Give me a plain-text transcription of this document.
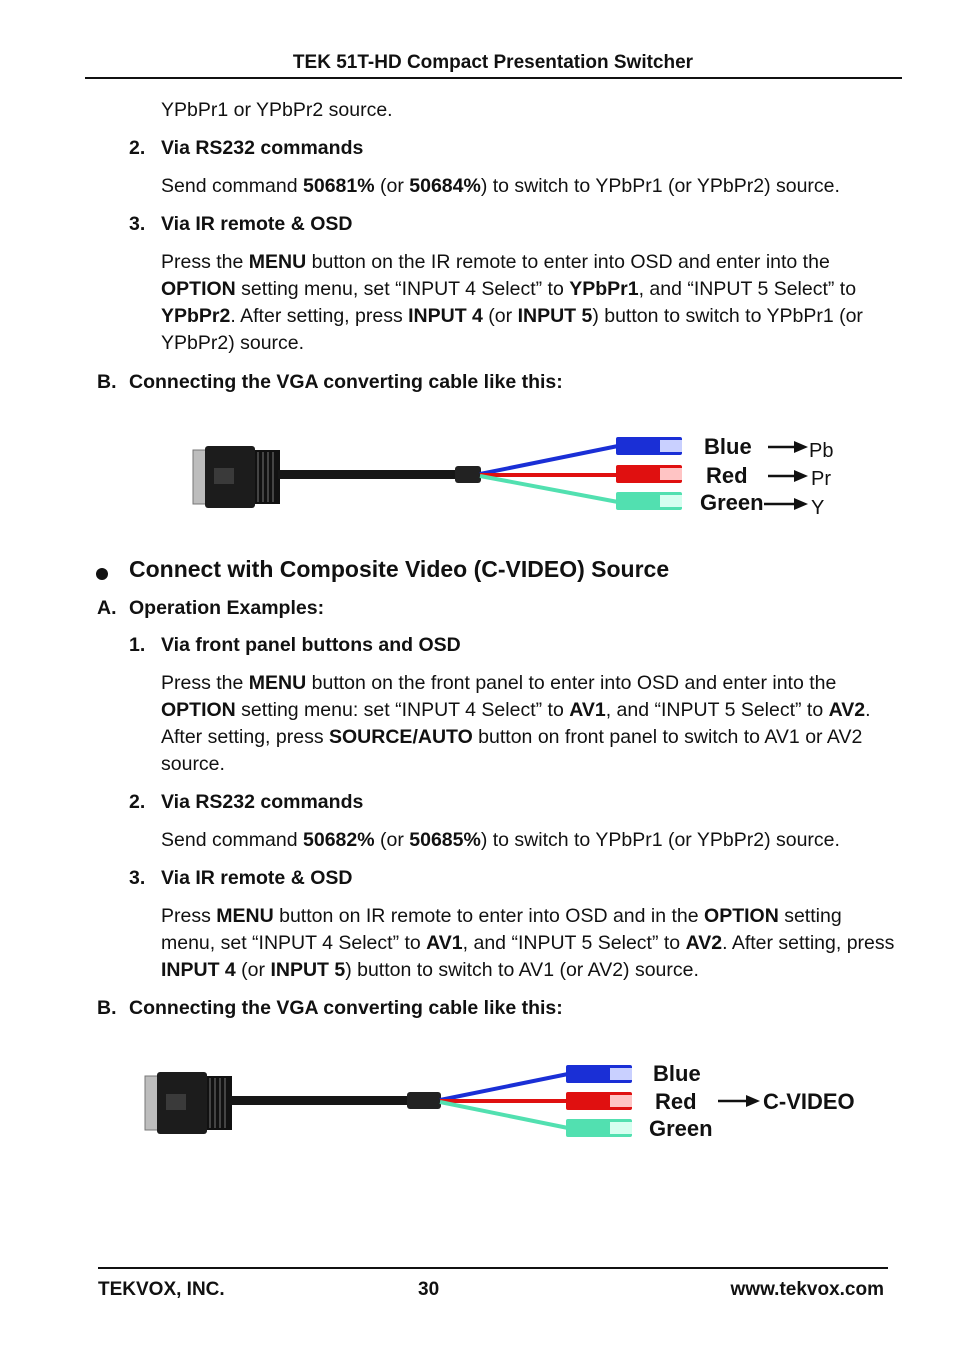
TEK 51T-HD Compact Presentation Switcher
YPbPr1 or YPbPr2 source.
2. Via RS232 commands
Send command 50681% (or 50684%) to switch to YPbPr1 (or YPbPr2) source.
3. Via IR remote & OSD
Press the MENU button on the IR remote to enter into OSD and enter into the OPTION setting menu, set “INPUT 4 Select” to YPbPr1, and “INPUT 5 Select” to YPbPr2. After setting, press INPUT 4 (or INPUT 5) button to switch to YPbPr1 (or YPbPr2) source.
B. Connecting the VGA converting cable like this:
Blue
Red
Green
Pb
Pr
Y
Connect with Composite Video (C-VIDEO) Source
A. Operation Examples:
1. Via front panel buttons and OSD
Press the MENU button on the front panel to enter into OSD and enter into the OPTION setting menu: set “INPUT 4 Select” to AV1, and “INPUT 5 Select” to AV2. After setting, press SOURCE/AUTO button on front panel to switch to AV1 or AV2 source.
2. Via RS232 commands
Send command 50682% (or 50685%) to switch to YPbPr1 (or YPbPr2) source.
3. Via IR remote & OSD
Press MENU button on IR remote to enter into OSD and in the OPTION setting menu, set “INPUT 4 Select” to AV1, and “INPUT 5 Select” to AV2. After setting, press INPUT 4 (or INPUT 5) button to switch to AV1 (or AV2) source.
B. Connecting the VGA converting cable like this:
Blue
Red
Green
C-VIDEO
TEKVOX, INC.	30	www.tekvox.com
